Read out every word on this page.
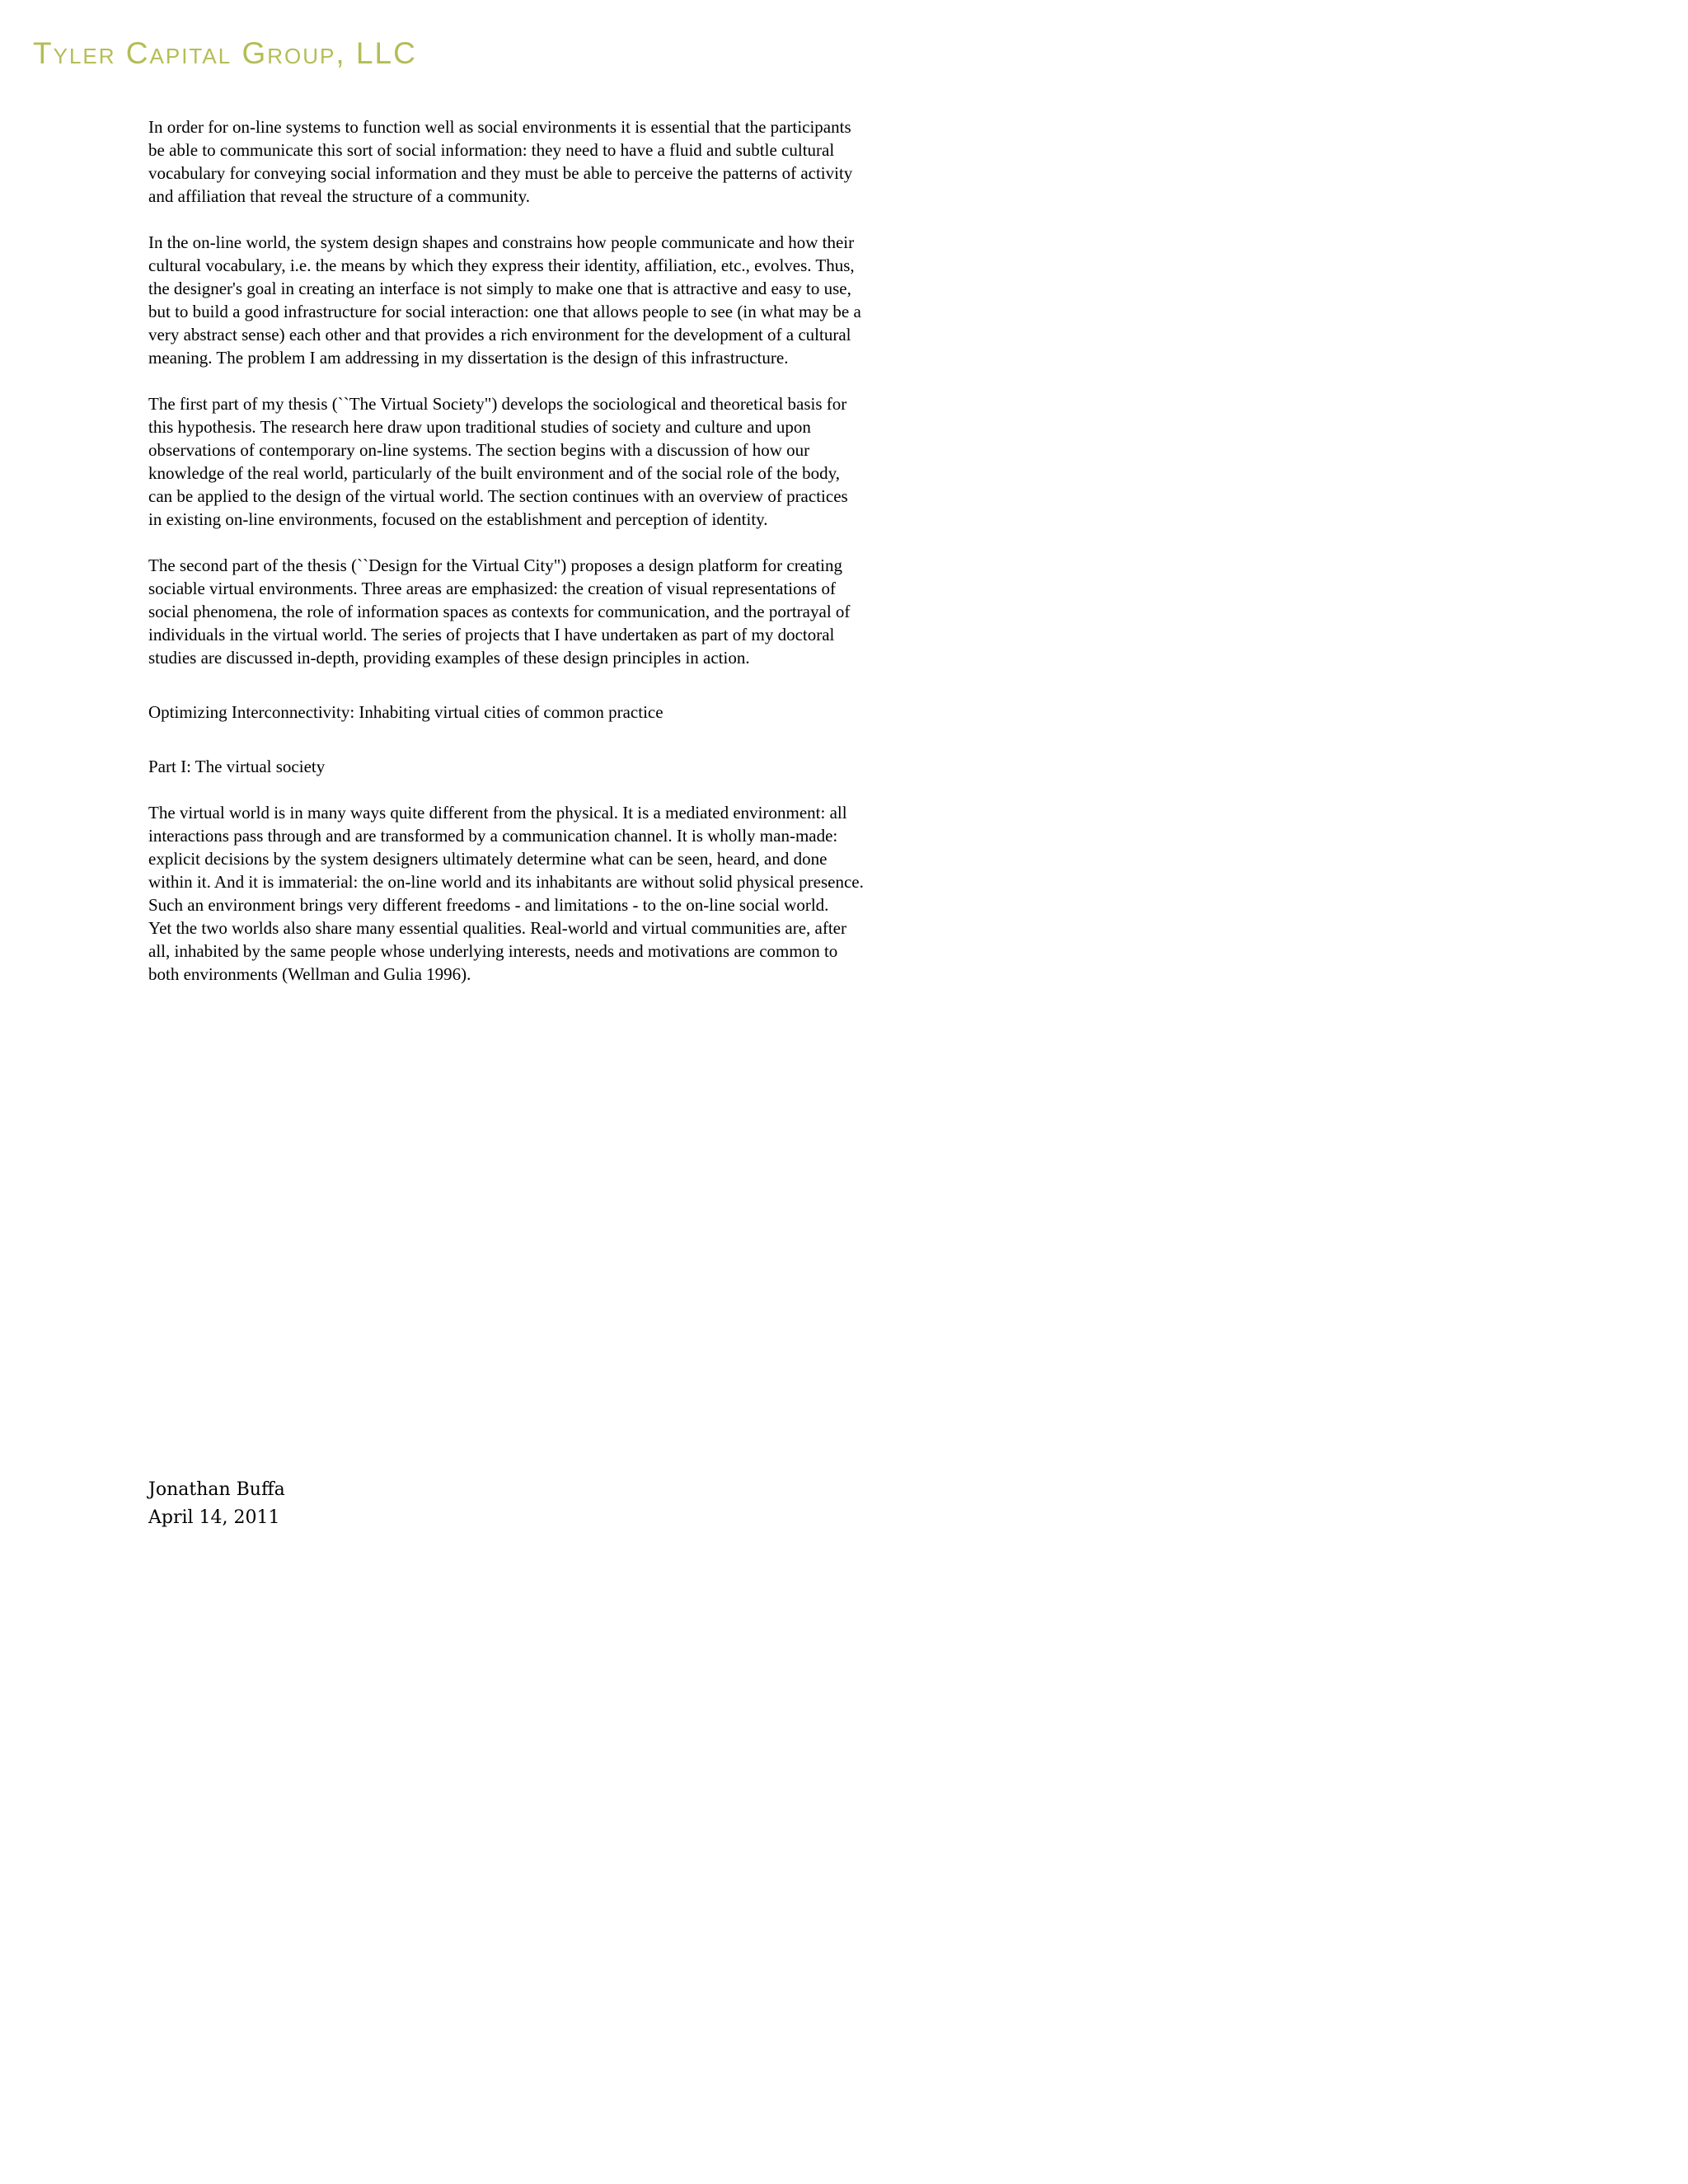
Tyler Capital Group, LLC

In order for on-line systems to function well as social environments it is essential that the participants be able to communicate this sort of social information: they need to have a fluid and subtle cultural vocabulary for conveying social information and they must be able to perceive the patterns of activity and affiliation that reveal the structure of a community.

In the on-line world, the system design shapes and constrains how people communicate and how their cultural vocabulary, i.e. the means by which they express their identity, affiliation, etc., evolves. Thus, the designer's goal in creating an interface is not simply to make one that is attractive and easy to use, but to build a good infrastructure for social interaction: one that allows people to see (in what may be a very abstract sense) each other and that provides a rich environment for the development of a cultural meaning. The problem I am addressing in my dissertation is the design of this infrastructure.

The first part of my thesis (``The Virtual Society") develops the sociological and theoretical basis for this hypothesis. The research here draw upon traditional studies of society and culture and upon observations of contemporary on-line systems. The section begins with a discussion of how our knowledge of the real world, particularly of the built environment and of the social role of the body, can be applied to the design of the virtual world. The section continues with an overview of practices in existing on-line environments, focused on the establishment and perception of identity.

The second part of the thesis (``Design for the Virtual City") proposes a design platform for creating sociable virtual environments. Three areas are emphasized: the creation of visual representations of social phenomena, the role of information spaces as contexts for communication, and the portrayal of individuals in the virtual world. The series of projects that I have undertaken as part of my doctoral studies are discussed in-depth, providing examples of these design principles in action.

Optimizing Interconnectivity: Inhabiting virtual cities of common practice

Part I: The virtual society

The virtual world is in many ways quite different from the physical. It is a mediated environment: all interactions pass through and are transformed by a communication channel. It is wholly man-made: explicit decisions by the system designers ultimately determine what can be seen, heard, and done within it. And it is immaterial: the on-line world and its inhabitants are without solid physical presence. Such an environment brings very different freedoms - and limitations - to the on-line social world.

Yet the two worlds also share many essential qualities. Real-world and virtual communities are, after all, inhabited by the same people whose underlying interests, needs and motivations are common to both environments (Wellman and Gulia 1996).

Jonathan Buffa
April 14, 2011
